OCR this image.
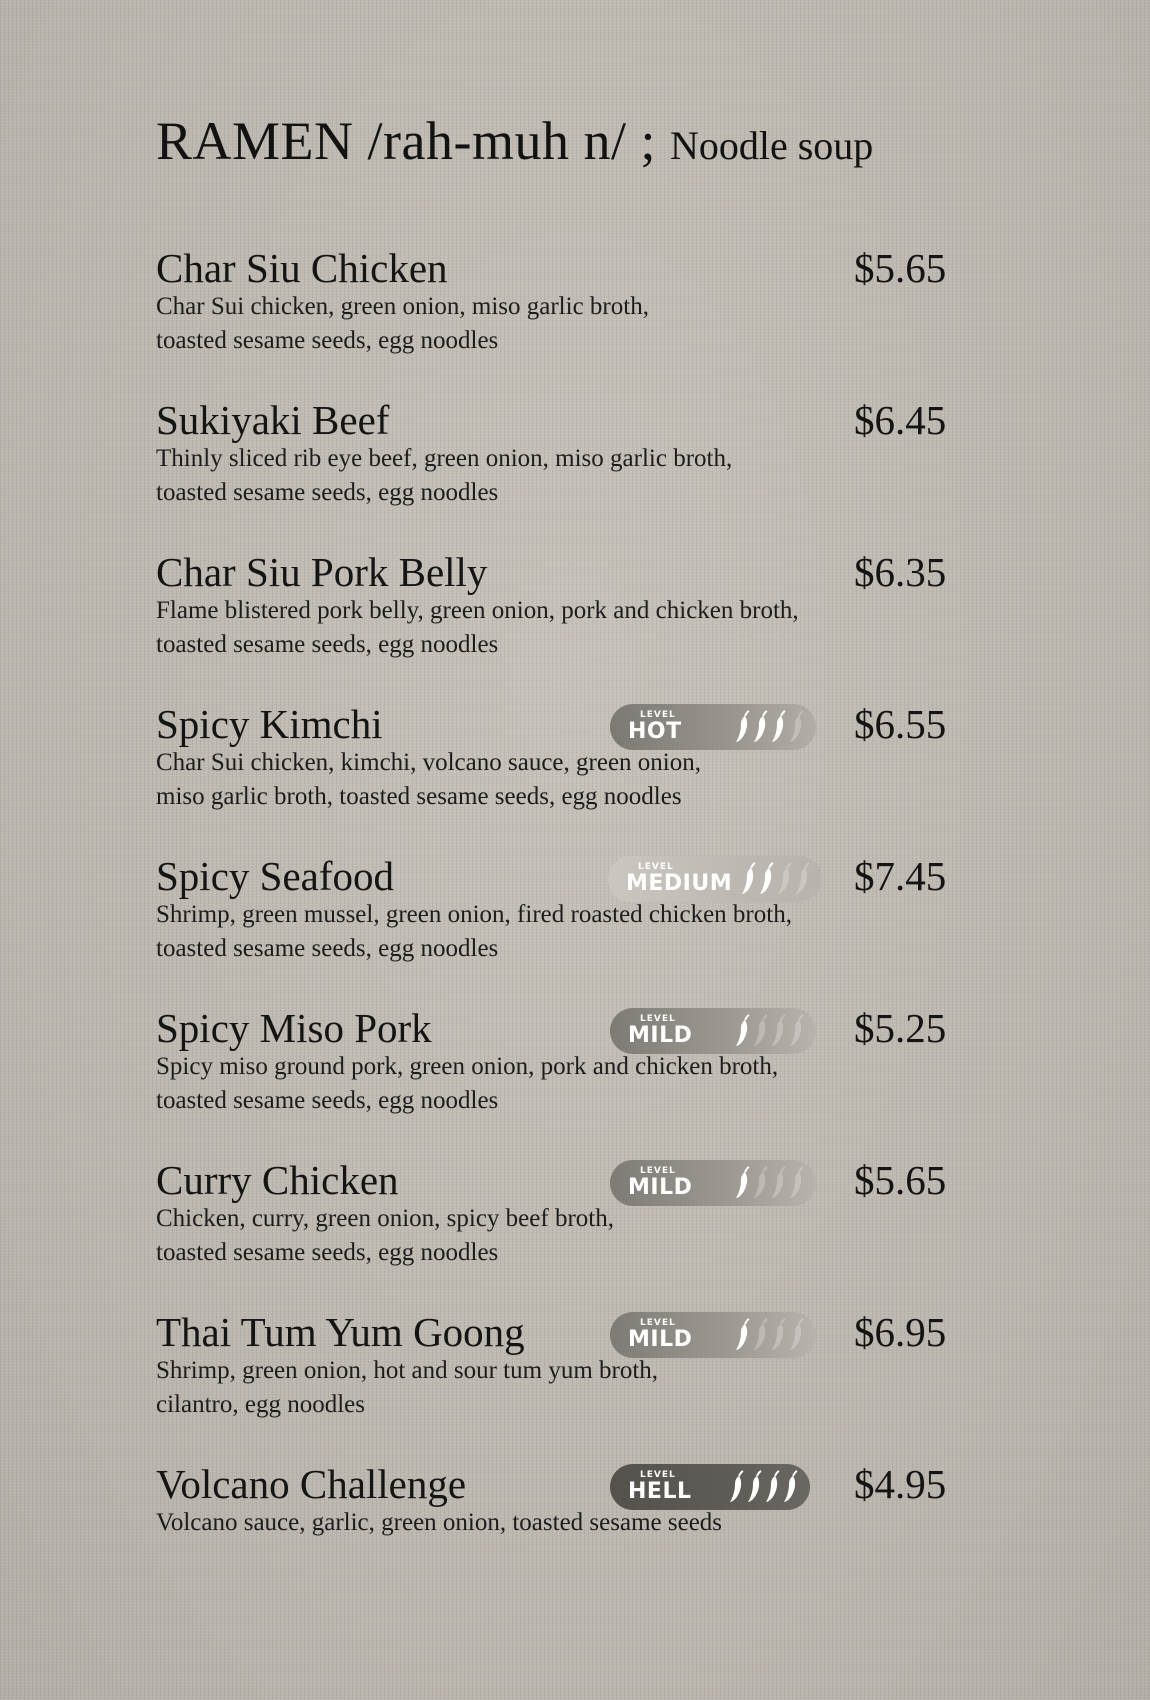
RAMEN /rah-muh n/ ; Noodle soup
Char Siu Chicken	$5.65
Char Sui chicken, green onion, miso garlic broth,
toasted sesame seeds, egg noodles
Sukiyaki Beef	$6.45
Thinly sliced rib eye beef, green onion, miso garlic broth,
toasted sesame seeds, egg noodles
Char Siu Pork Belly	$6.35
Flame blistered pork belly, green onion, pork and chicken broth,
toasted sesame seeds, egg noodles
Spicy Kimchi	LEVEL
HOT	$6.55
Char Sui chicken, kimchi, volcano sauce, green onion,
miso garlic broth, toasted sesame seeds, egg noodles
Spicy Seafood	LEVEL
MEDIUM	$7.45
Shrimp, green mussel, green onion, fired roasted chicken broth,
toasted sesame seeds, egg noodles
Spicy Miso Pork	LEVEL
MILD	$5.25
Spicy miso ground pork, green onion, pork and chicken broth,
toasted sesame seeds, egg noodles
Curry Chicken	LEVEL
MILD	$5.65
Chicken, curry, green onion, spicy beef broth,
toasted sesame seeds, egg noodles
Thai Tum Yum Goong	LEVEL
MILD	$6.95
Shrimp, green onion, hot and sour tum yum broth,
cilantro, egg noodles
Volcano Challenge	LEVEL
HELL	$4.95
Volcano sauce, garlic, green onion, toasted sesame seeds
